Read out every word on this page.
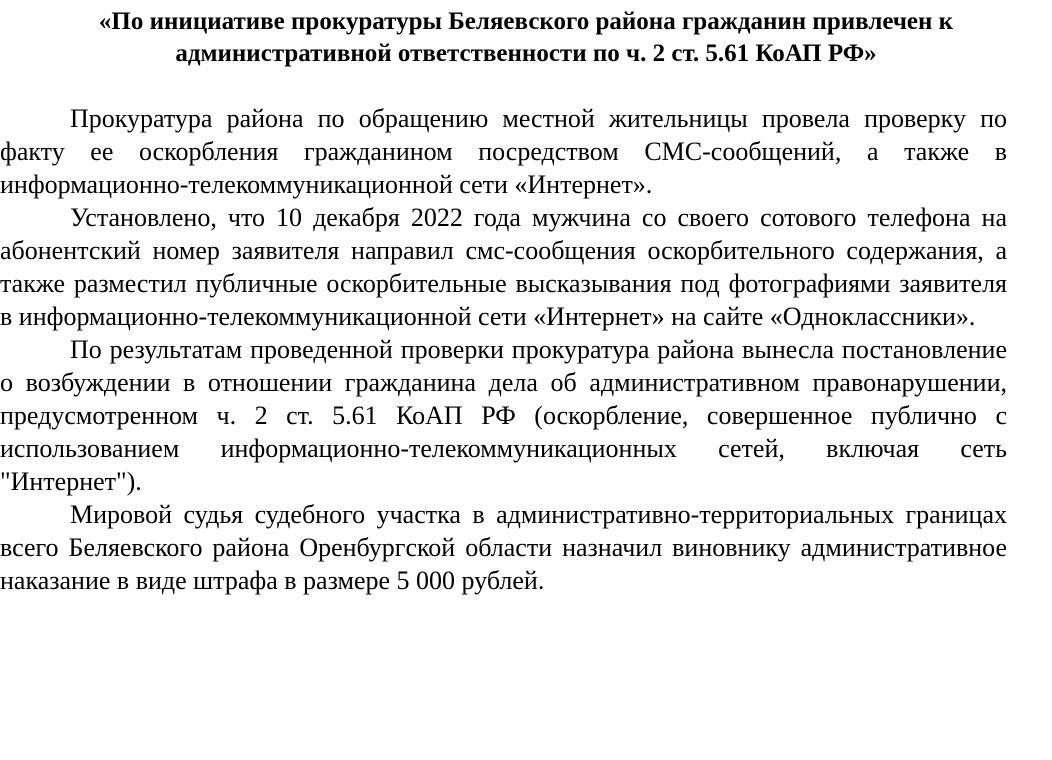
«По инициативе прокуратуры Беляевского района гражданин привлечен к административной ответственности по ч. 2 ст. 5.61 КоАП РФ»

Прокуратура района по обращению местной жительницы провела проверку по факту ее оскорбления гражданином посредством СМС-сообщений, а также в информационно-телекоммуникационной сети «Интернет».

Установлено, что 10 декабря 2022 года мужчина со своего сотового телефона на абонентский номер заявителя направил смс-сообщения оскорбительного содержания, а также разместил публичные оскорбительные высказывания под фотографиями заявителя в информационно-телекоммуникационной сети «Интернет» на сайте «Одноклассники».

По результатам проведенной проверки прокуратура района вынесла постановление о возбуждении в отношении гражданина дела об административном правонарушении, предусмотренном ч. 2 ст. 5.61 КоАП РФ (оскорбление, совершенное публично с использованием информационно-телекоммуникационных сетей, включая сеть "Интернет").

Мировой судья судебного участка в административно-территориальных границах всего Беляевского района Оренбургской области назначил виновнику административное наказание в виде штрафа в размере 5 000 рублей.
